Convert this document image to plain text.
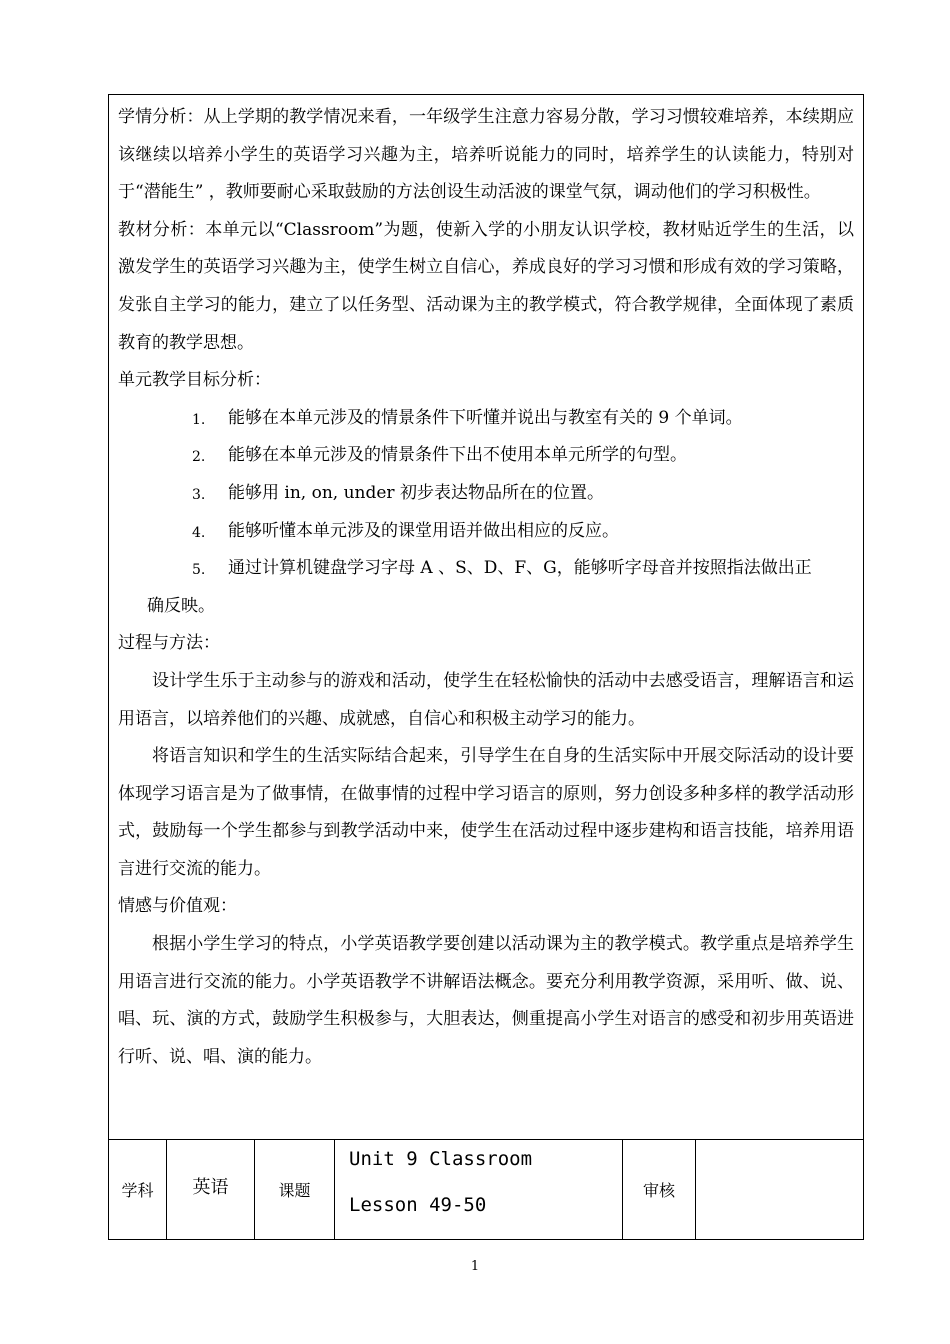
学情分析：从上学期的教学情况来看，一年级学生注意力容易分散，学习习惯较难培养，本续期应该继续以培养小学生的英语学习兴趣为主，培养听说能力的同时，培养学生的认读能力，特别对于“潜能生” ，教师要耐心采取鼓励的方法创设生动活波的课堂气氛，调动他们的学习积极性。

教材分析：本单元以“Classroom”为题，使新入学的小朋友认识学校，教材贴近学生的生活，以激发学生的英语学习兴趣为主，使学生树立自信心，养成良好的学习习惯和形成有效的学习策略，发张自主学习的能力，建立了以任务型、活动课为主的教学模式，符合教学规律，全面体现了素质教育的教学思想。

单元教学目标分析：

1. 能够在本单元涉及的情景条件下听懂并说出与教室有关的 9 个单词。

2. 能够在本单元涉及的情景条件下出不使用本单元所学的句型。

3. 能够用 in, on, under 初步表达物品所在的位置。

4. 能够听懂本单元涉及的课堂用语并做出相应的反应。

5. 通过计算机键盘学习字母 A 、S、D、F、G，能够听字母音并按照指法做出正

确反映。

过程与方法：

设计学生乐于主动参与的游戏和活动，使学生在轻松愉快的活动中去感受语言，理解语言和运用语言，以培养他们的兴趣、成就感，自信心和积极主动学习的能力。

将语言知识和学生的生活实际结合起来，引导学生在自身的生活实际中开展交际活动的设计要体现学习语言是为了做事情，在做事情的过程中学习语言的原则，努力创设多种多样的教学活动形式，鼓励每一个学生都参与到教学活动中来，使学生在活动过程中逐步建构和语言技能，培养用语言进行交流的能力。

情感与价值观：

根据小学生学习的特点，小学英语教学要创建以活动课为主的教学模式。教学重点是培养学生用语言进行交流的能力。小学英语教学不讲解语法概念。要充分利用教学资源，采用听、做、说、唱、玩、演的方式，鼓励学生积极参与，大胆表达，侧重提高小学生对语言的感受和初步用英语进行听、说、唱、演的能力。

学科	英语	课题
Unit 9 Classroom
Lesson 49-50
审核
1
